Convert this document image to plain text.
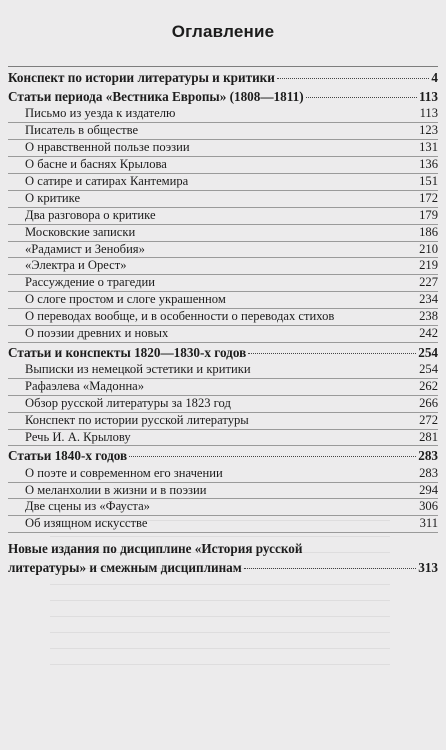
Оглавление
Конспект по истории литературы и критики	4
Статьи периода «Вестника Европы» (1808—1811)	113
Письмо из уезда к издателю	113
Писатель в обществе	123
О нравственной пользе поэзии	131
О басне и баснях Крылова	136
О сатире и сатирах Кантемира	151
О критике	172
Два разговора о критике	179
Московские записки	186
«Радамист и Зенобия»	210
«Электра и Орест»	219
Рассуждение о трагедии	227
О слоге простом и слоге украшенном	234
О переводах вообще, и в особенности о переводах стихов	238
О поэзии древних и новых	242
Статьи и конспекты 1820—1830-х годов	254
Выписки из немецкой эстетики и критики	254
Рафаэлева «Мадонна»	262
Обзор русской литературы за 1823 год	266
Конспект по истории русской литературы	272
Речь И. А. Крылову	281
Статьи 1840-х годов	283
О поэте и современном его значении	283
О меланхолии в жизни и в поэзии	294
Две сцены из «Фауста»	306
Об изящном искусстве	311
Новые издания по дисциплине «История русской
литературы» и смежным дисциплинам	313
